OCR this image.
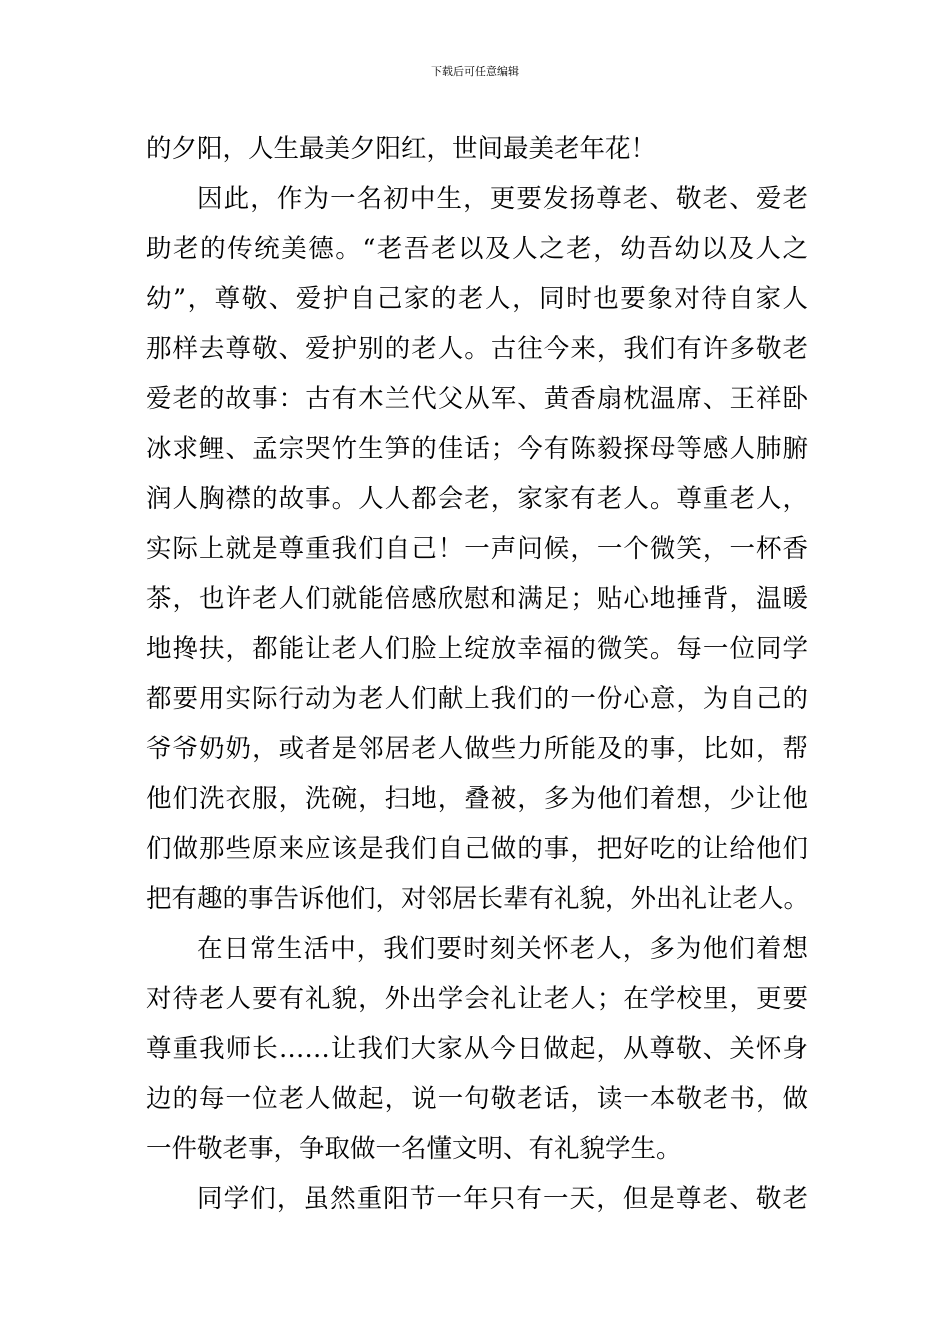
下载后可任意编辑
的夕阳，人生最美夕阳红，世间最美老年花！
因此，作为一名初中生，更要发扬尊老、敬老、爱老
助老的传统美德。“老吾老以及人之老，幼吾幼以及人之
幼”，尊敬、爱护自己家的老人，同时也要象对待自家人
那样去尊敬、爱护别的老人。古往今来，我们有许多敬老
爱老的故事：古有木兰代父从军、黄香扇枕温席、王祥卧
冰求鲤、孟宗哭竹生笋的佳话；今有陈毅探母等感人肺腑
润人胸襟的故事。人人都会老，家家有老人。尊重老人，
实际上就是尊重我们自己！一声问候，一个微笑，一杯香
茶，也许老人们就能倍感欣慰和满足；贴心地捶背，温暖
地搀扶，都能让老人们脸上绽放幸福的微笑。每一位同学
都要用实际行动为老人们献上我们的一份心意，为自己的
爷爷奶奶，或者是邻居老人做些力所能及的事，比如，帮
他们洗衣服，洗碗，扫地，叠被，多为他们着想，少让他
们做那些原来应该是我们自己做的事，把好吃的让给他们
把有趣的事告诉他们，对邻居长辈有礼貌，外出礼让老人。
在日常生活中，我们要时刻关怀老人，多为他们着想
对待老人要有礼貌，外出学会礼让老人；在学校里，更要
尊重我师长……让我们大家从今日做起，从尊敬、关怀身
边的每一位老人做起，说一句敬老话，读一本敬老书，做
一件敬老事，争取做一名懂文明、有礼貌学生。
同学们，虽然重阳节一年只有一天，但是尊老、敬老
